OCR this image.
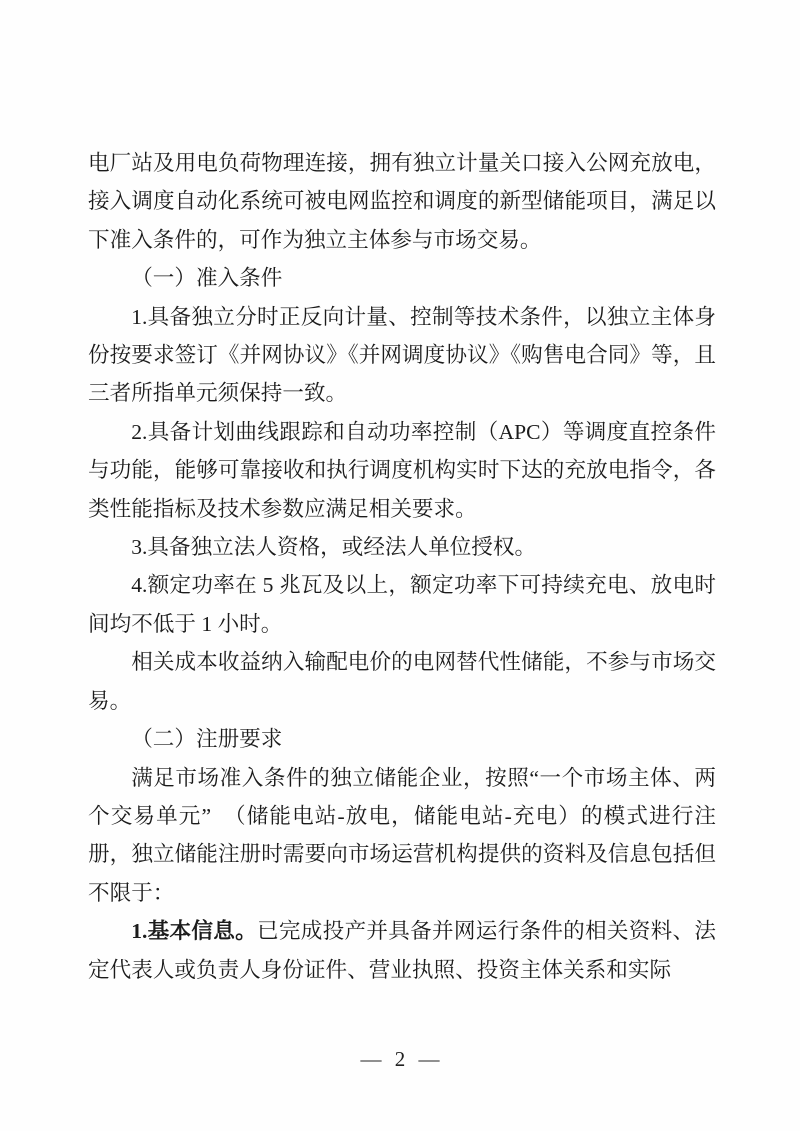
电厂站及用电负荷物理连接，拥有独立计量关口接入公网充放电，接入调度自动化系统可被电网监控和调度的新型储能项目，满足以下准入条件的，可作为独立主体参与市场交易。

（一）准入条件

1.具备独立分时正反向计量、控制等技术条件，以独立主体身份按要求签订《并网协议》《并网调度协议》《购售电合同》等，且三者所指单元须保持一致。

2.具备计划曲线跟踪和自动功率控制（APC）等调度直控条件与功能，能够可靠接收和执行调度机构实时下达的充放电指令，各类性能指标及技术参数应满足相关要求。

3.具备独立法人资格，或经法人单位授权。

4.额定功率在 5 兆瓦及以上，额定功率下可持续充电、放电时间均不低于 1 小时。

相关成本收益纳入输配电价的电网替代性储能，不参与市场交易。

（二）注册要求

满足市场准入条件的独立储能企业，按照“一个市场主体、两个交易单元”　（储能电站-放电，储能电站-充电）的模式进行注册，独立储能注册时需要向市场运营机构提供的资料及信息包括但不限于：

1.基本信息。已完成投产并具备并网运行条件的相关资料、法定代表人或负责人身份证件、营业执照、投资主体关系和实际

— 2 —
